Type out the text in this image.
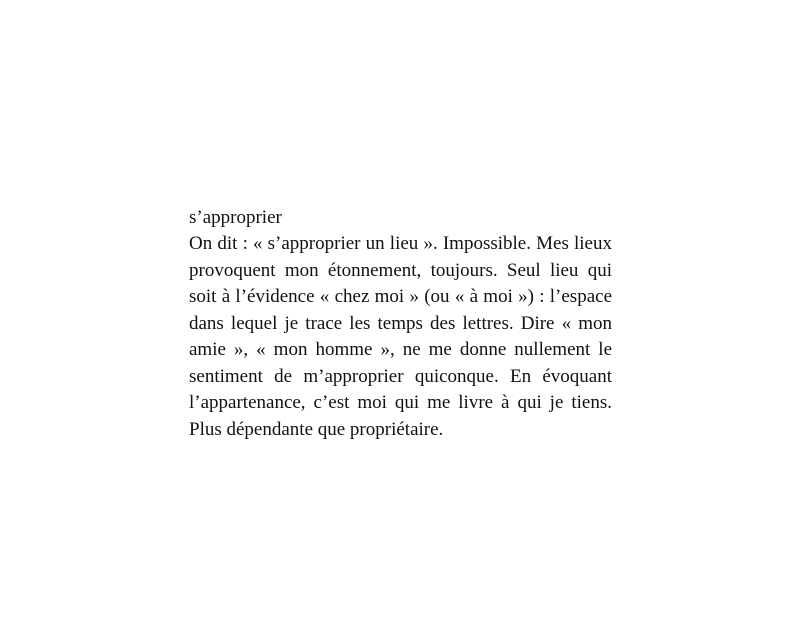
s’approprier

On dit : « s’approprier un lieu ». Impossible. Mes lieux
provoquent mon étonnement, toujours. Seul lieu qui
soit à l’évidence « chez moi » (ou « à moi ») : l’espace
dans lequel je trace les temps des lettres. Dire « mon
amie », « mon homme », ne me donne nullement le
sentiment de m’approprier quiconque. En évoquant
l’appartenance, c’est moi qui me livre à qui je tiens.
Plus dépendante que propriétaire.
